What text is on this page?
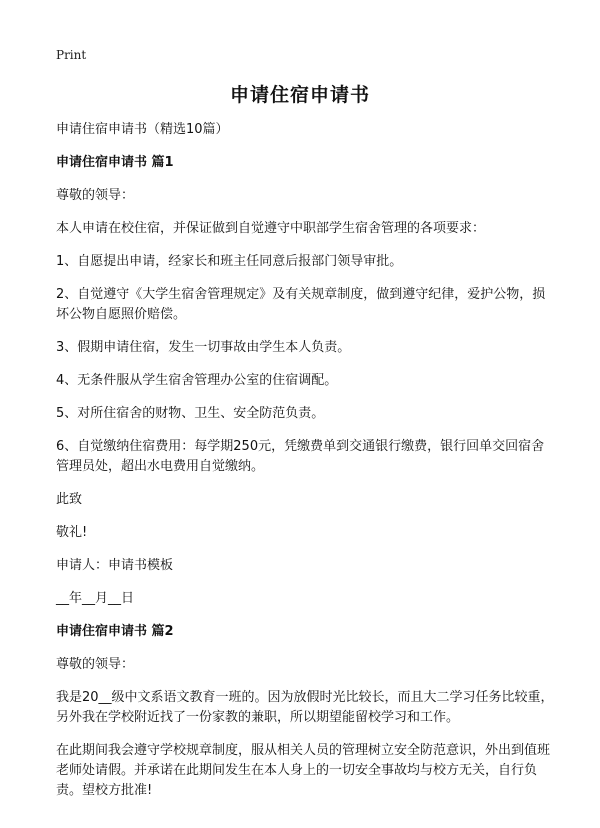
Print
申请住宿申请书

申请住宿申请书（精选10篇）

申请住宿申请书 篇1

尊敬的领导：

本人申请在校住宿，并保证做到自觉遵守中职部学生宿舍管理的各项要求：

1、自愿提出申请，经家长和班主任同意后报部门领导审批。

2、自觉遵守《大学生宿舍管理规定》及有关规章制度，做到遵守纪律，爱护公物，损坏公物自愿照价赔偿。

3、假期申请住宿，发生一切事故由学生本人负责。

4、无条件服从学生宿舍管理办公室的住宿调配。

5、对所住宿舍的财物、卫生、安全防范负责。

6、自觉缴纳住宿费用：每学期250元，凭缴费单到交通银行缴费，银行回单交回宿舍管理员处，超出水电费用自觉缴纳。

此致

敬礼!

申请人：申请书模板

__年__月__日

申请住宿申请书 篇2

尊敬的领导：

我是20__级中文系语文教育一班的。因为放假时光比较长，而且大二学习任务比较重，另外我在学校附近找了一份家教的兼职，所以期望能留校学习和工作。

在此期间我会遵守学校规章制度，服从相关人员的管理树立安全防范意识，外出到值班老师处请假。并承诺在此期间发生在本人身上的一切安全事故均与校方无关，自行负责。望校方批准!
